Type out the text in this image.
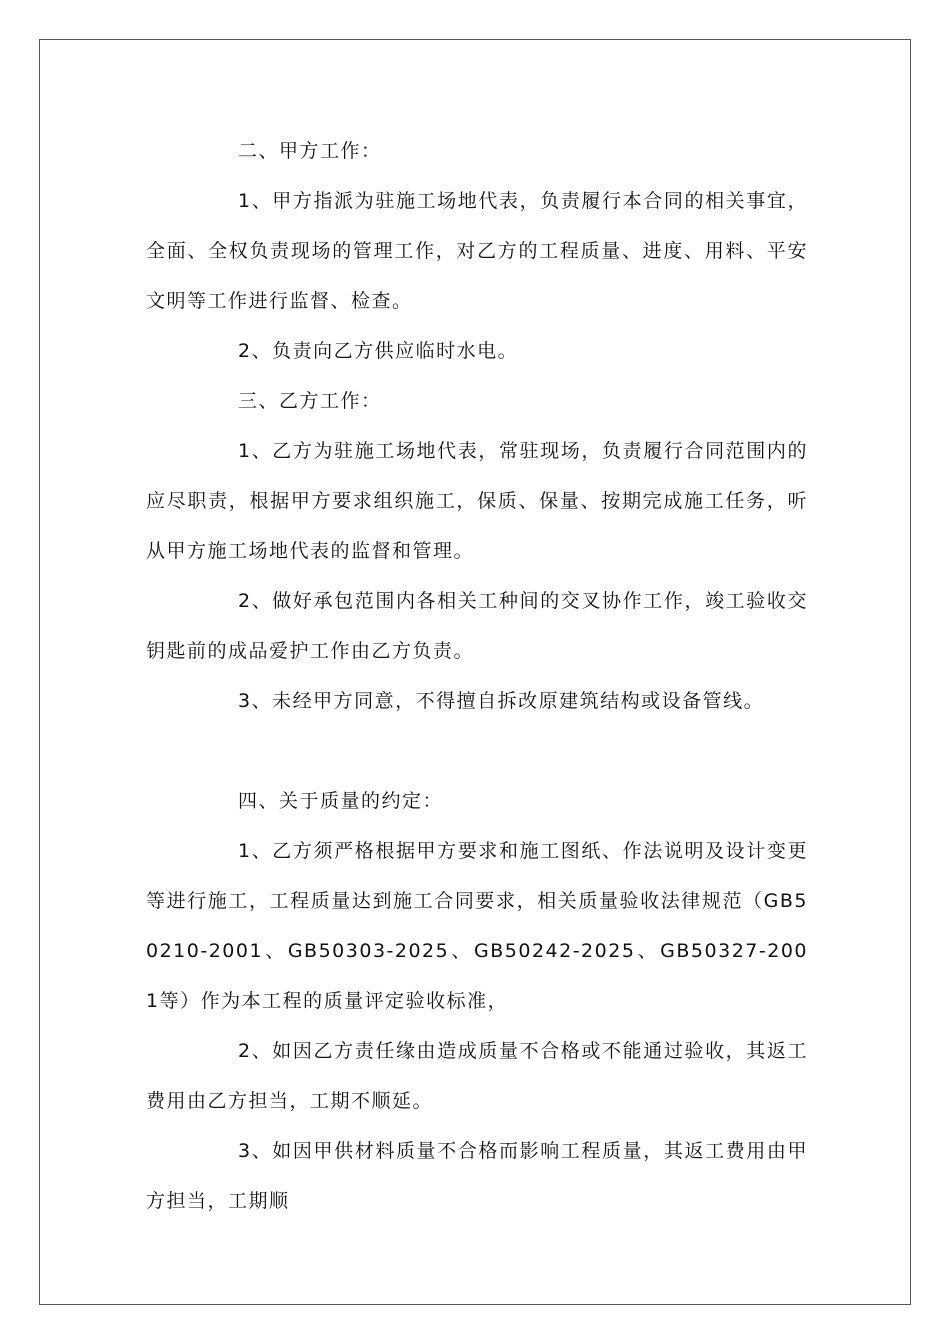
二、甲方工作：

1、甲方指派为驻施工场地代表，负责履行本合同的相关事宜，全面、全权负责现场的管理工作，对乙方的工程质量、进度、用料、平安文明等工作进行监督、检查。

2、负责向乙方供应临时水电。

三、乙方工作：

1、乙方为驻施工场地代表，常驻现场，负责履行合同范围内的应尽职责，根据甲方要求组织施工，保质、保量、按期完成施工任务，听从甲方施工场地代表的监督和管理。

2、做好承包范围内各相关工种间的交叉协作工作，竣工验收交钥匙前的成品爱护工作由乙方负责。

3、未经甲方同意，不得擅自拆改原建筑结构或设备管线。

四、关于质量的约定：

1、乙方须严格根据甲方要求和施工图纸、作法说明及设计变更等进行施工，工程质量达到施工合同要求，相关质量验收法律规范（GB50210-2001、GB50303-2025、GB50242-2025、GB50327-2001等）作为本工程的质量评定验收标准，

2、如因乙方责任缘由造成质量不合格或不能通过验收，其返工费用由乙方担当，工期不顺延。

3、如因甲供材料质量不合格而影响工程质量，其返工费用由甲方担当，工期顺
